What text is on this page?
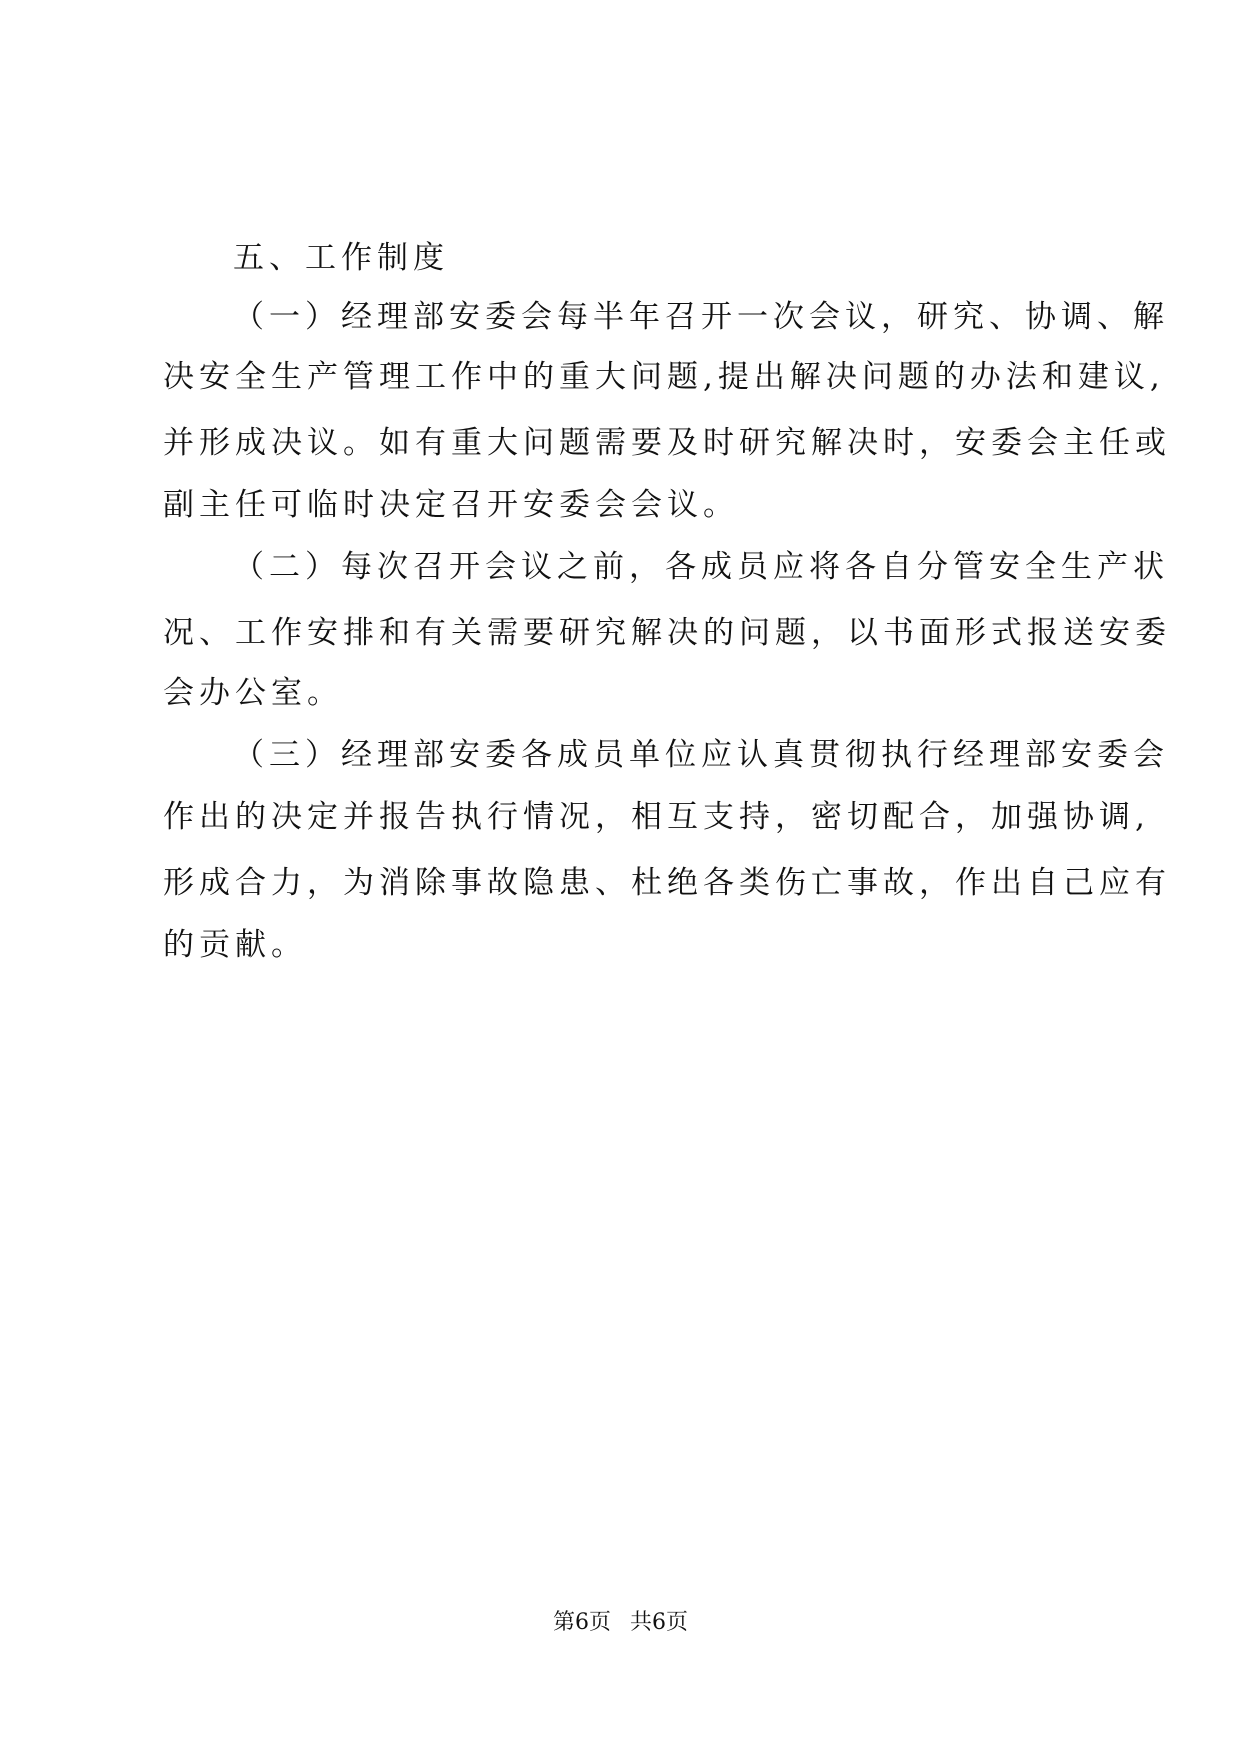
五、工作制度
（一）经理部安委会每半年召开一次会议，研究、协调、解
决安全生产管理工作中的重大问题,提出解决问题的办法和建议,
并形成决议。如有重大问题需要及时研究解决时，安委会主任或
副主任可临时决定召开安委会会议。
（二）每次召开会议之前，各成员应将各自分管安全生产状
况、工作安排和有关需要研究解决的问题，以书面形式报送安委
会办公室。
（三）经理部安委各成员单位应认真贯彻执行经理部安委会
作出的决定并报告执行情况，相互支持，密切配合，加强协调,
形成合力，为消除事故隐患、杜绝各类伤亡事故，作出自己应有
的贡献。
第6页 共6页
